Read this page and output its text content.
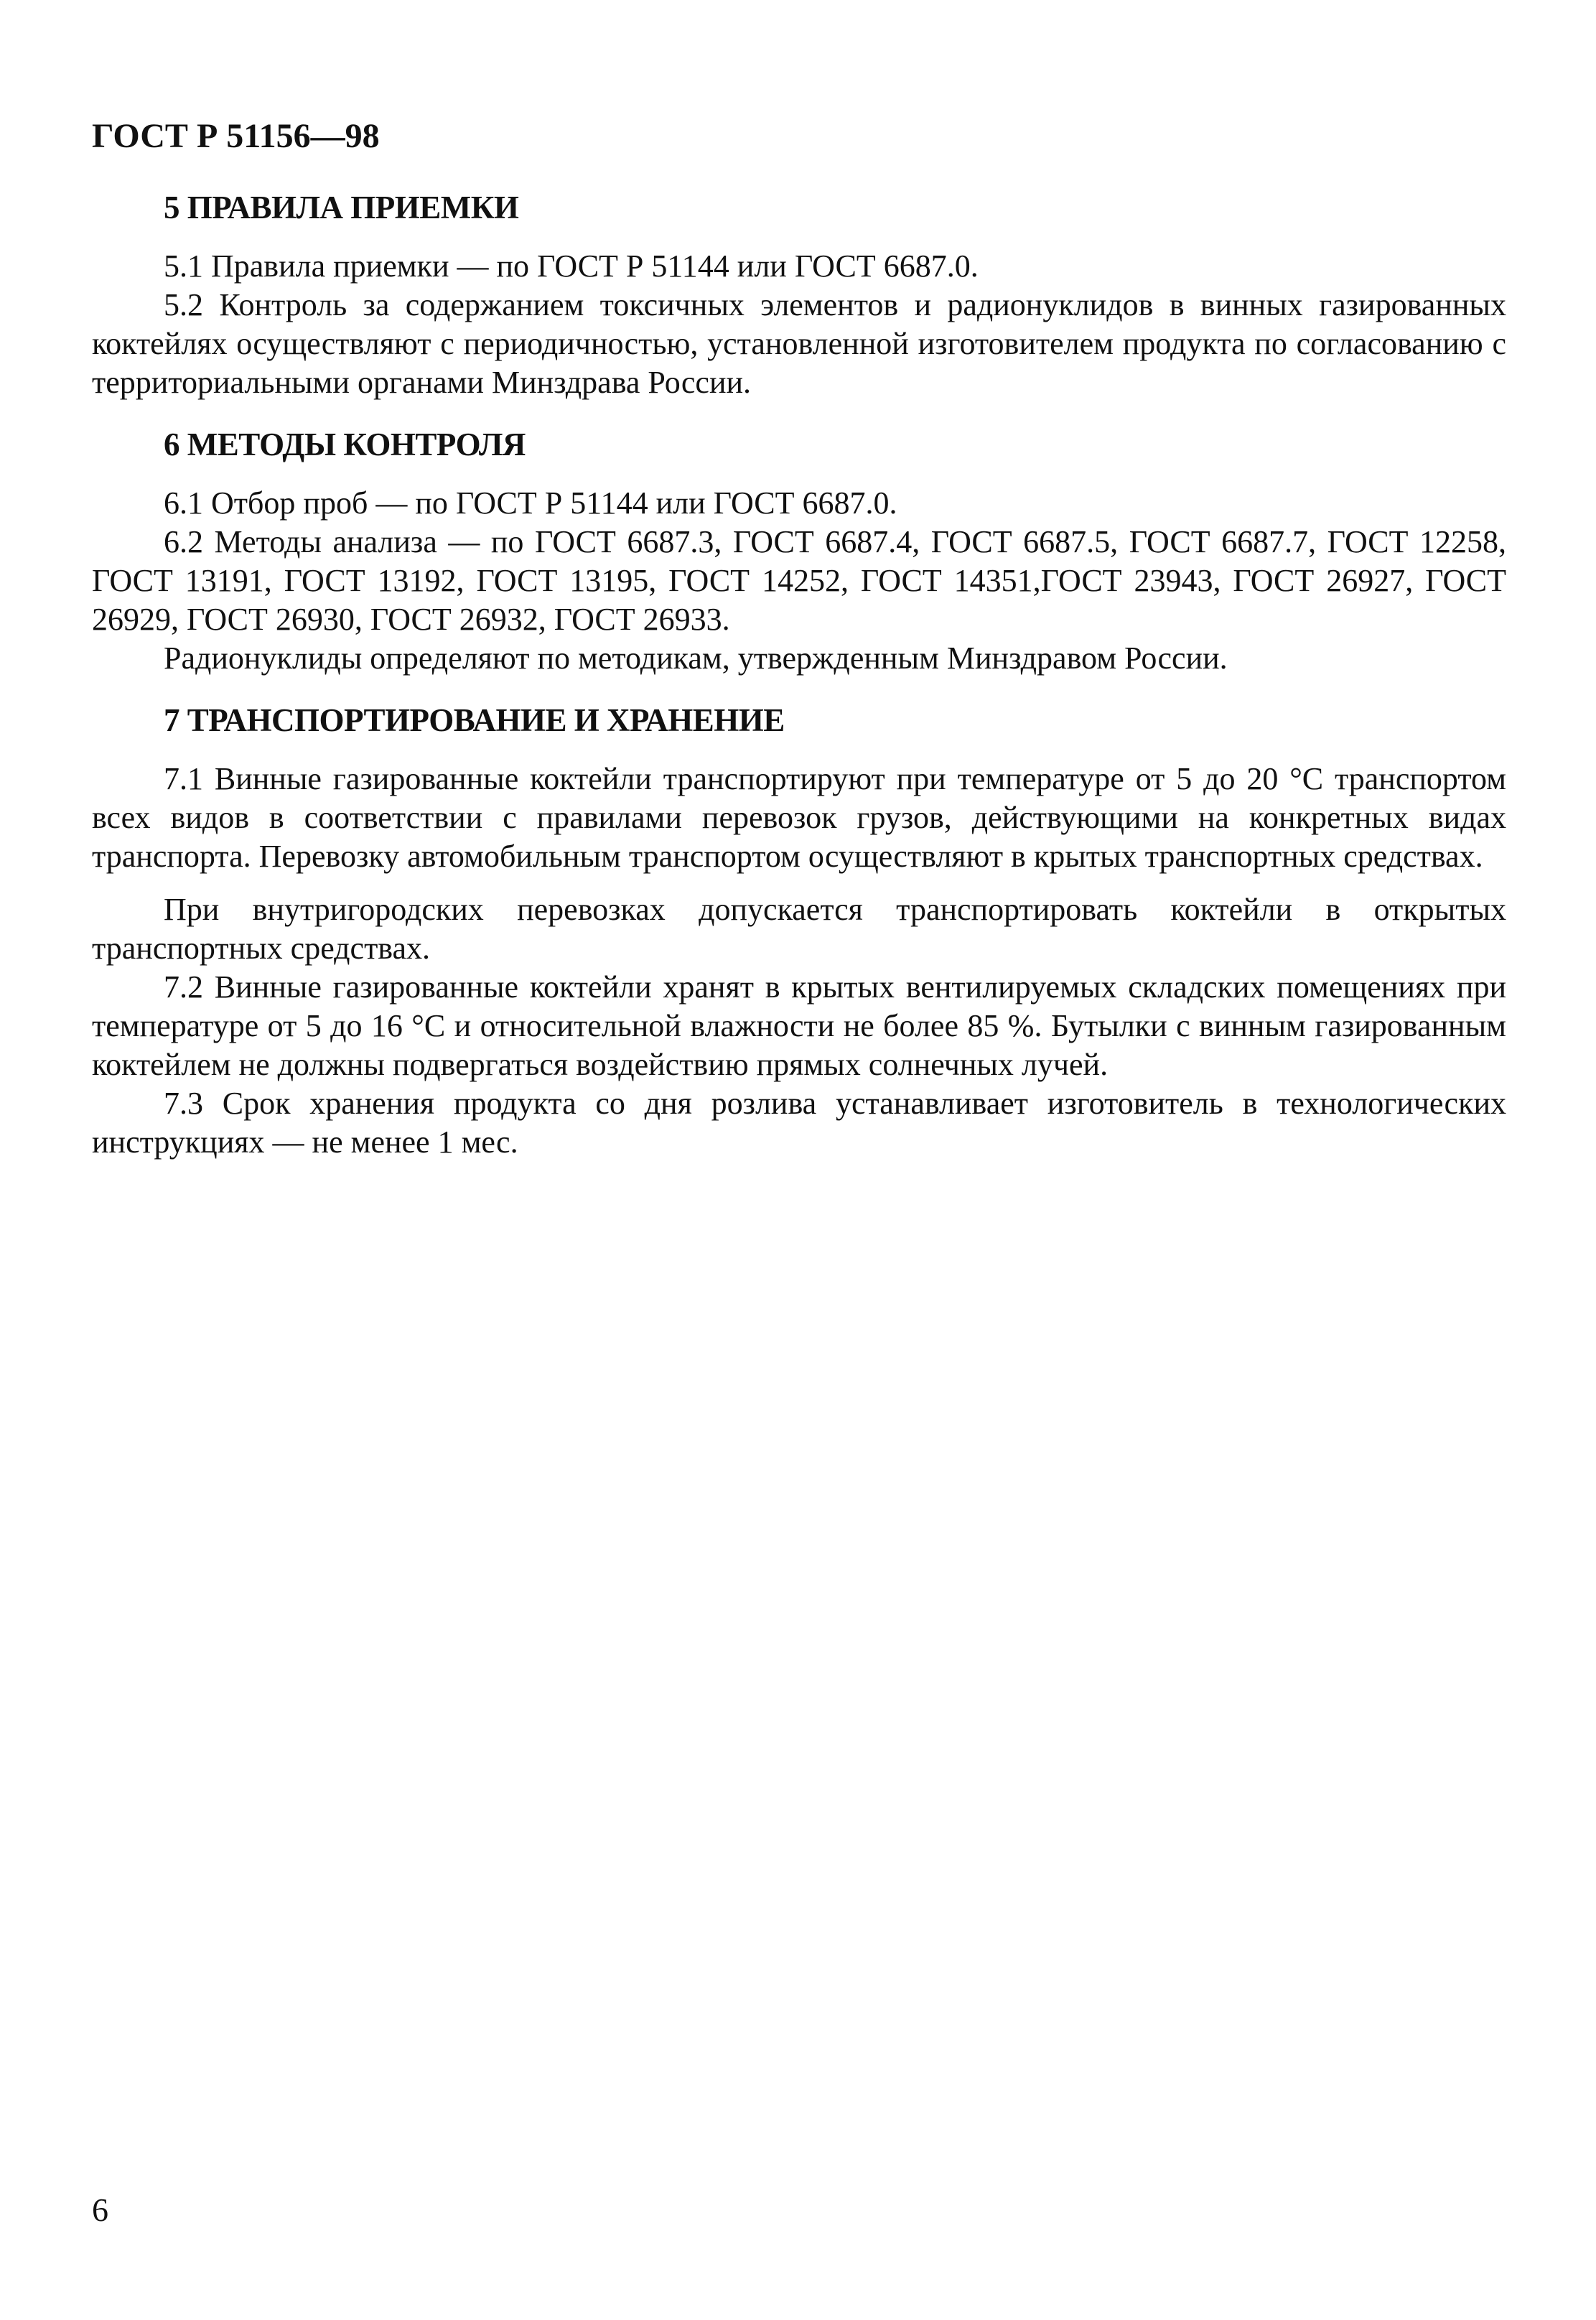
ГОСТ Р 51156—98
5 ПРАВИЛА ПРИЕМКИ

5.1 Правила приемки — по ГОСТ Р 51144 или ГОСТ 6687.0.

5.2 Контроль за содержанием токсичных элементов и радионуклидов в винных газированных коктейлях осуществляют с периодичностью, установленной изготовителем продукта по согласованию с территориальными органами Минздрава России.

6 МЕТОДЫ КОНТРОЛЯ

6.1 Отбор проб — по ГОСТ Р 51144 или ГОСТ 6687.0.

6.2 Методы анализа — по ГОСТ 6687.3, ГОСТ 6687.4, ГОСТ 6687.5, ГОСТ 6687.7, ГОСТ 12258, ГОСТ 13191, ГОСТ 13192, ГОСТ 13195, ГОСТ 14252, ГОСТ 14351,ГОСТ 23943, ГОСТ 26927, ГОСТ 26929, ГОСТ 26930, ГОСТ 26932, ГОСТ 26933.

Радионуклиды определяют по методикам, утвержденным Минздравом России.

7 ТРАНСПОРТИРОВАНИЕ И ХРАНЕНИЕ

7.1 Винные газированные коктейли транспортируют при температуре от 5 до 20 °С транспортом всех видов в соответствии с правилами перевозок грузов, действующими на конкретных видах транспорта. Перевозку автомобильным транспортом осуществляют в крытых транспортных средствах.

При внутригородских перевозках допускается транспортировать коктейли в открытых транспортных средствах.

7.2 Винные газированные коктейли хранят в крытых вентилируемых складских помещениях при температуре от 5 до 16 °С и относительной влажности не более 85 %. Бутылки с винным газированным коктейлем не должны подвергаться воздействию прямых солнечных лучей.

7.3 Срок хранения продукта со дня розлива устанавливает изготовитель в технологических инструкциях — не менее 1 мес.

6
